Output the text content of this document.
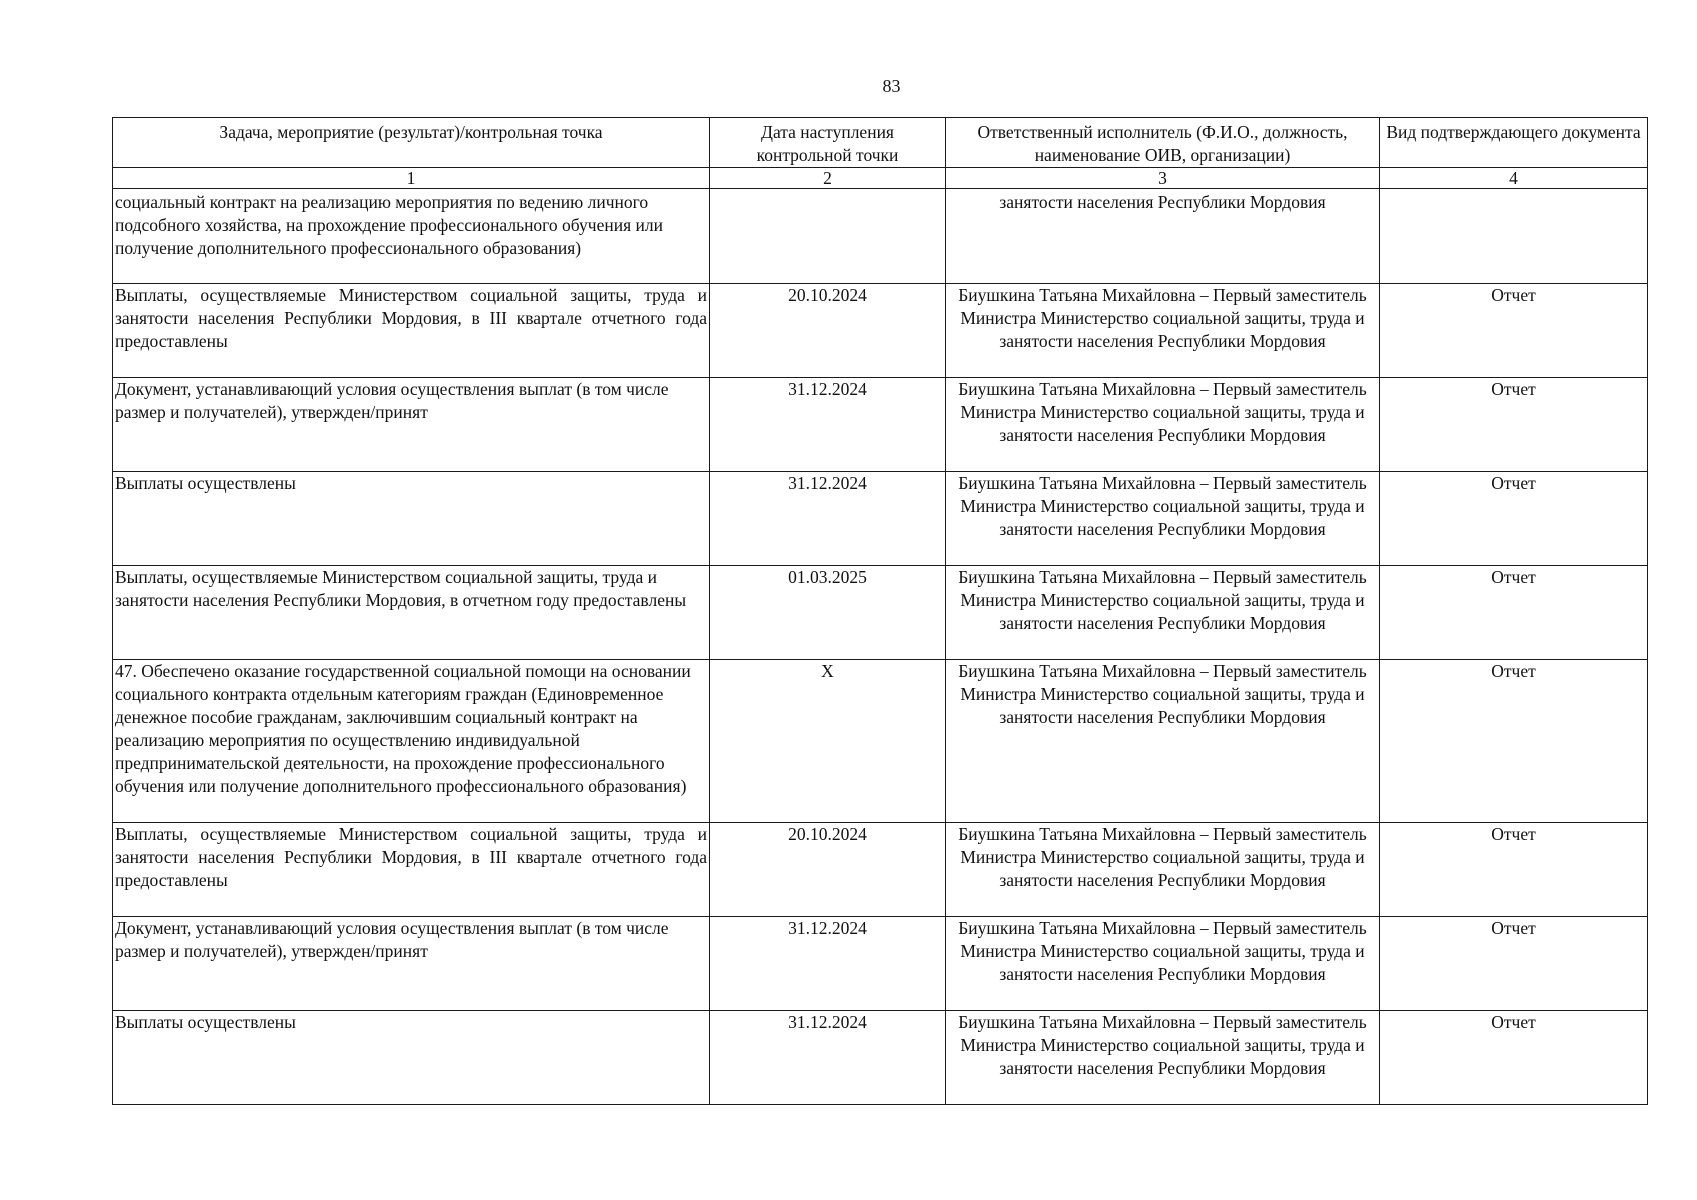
83
Задача, мероприятие (результат)/контрольная точка	Дата наступления контрольной точки	Ответственный исполнитель (Ф.И.О., должность, наименование ОИВ, организации)	Вид подтверждающего документа
1	2	3	4
социальный контракт на реализацию мероприятия по ведению личного подсобного хозяйства, на прохождение профессионального обучения или получение дополнительного профессионального образования)		занятости населения Республики Мордовия	
Выплаты, осуществляемые Министерством социальной защиты, труда и занятости населения Республики Мордовия, в III квартале отчетного года предоставлены	20.10.2024	Биушкина Татьяна Михайловна – Первый заместитель Министра Министерство социальной защиты, труда и занятости населения Республики Мордовия	Отчет
Документ, устанавливающий условия осуществления выплат (в том числе размер и получателей), утвержден/принят	31.12.2024	Биушкина Татьяна Михайловна – Первый заместитель Министра Министерство социальной защиты, труда и занятости населения Республики Мордовия	Отчет
Выплаты осуществлены	31.12.2024	Биушкина Татьяна Михайловна – Первый заместитель Министра Министерство социальной защиты, труда и занятости населения Республики Мордовия	Отчет
Выплаты, осуществляемые Министерством социальной защиты, труда и занятости населения Республики Мордовия, в отчетном году предоставлены	01.03.2025	Биушкина Татьяна Михайловна – Первый заместитель Министра Министерство социальной защиты, труда и занятости населения Республики Мордовия	Отчет
47. Обеспечено оказание государственной социальной помощи на основании социального контракта отдельным категориям граждан (Единовременное денежное пособие гражданам, заключившим социальный контракт на реализацию мероприятия по осуществлению индивидуальной предпринимательской деятельности, на прохождение профессионального обучения или получение дополнительного профессионального образования)	X	Биушкина Татьяна Михайловна – Первый заместитель Министра Министерство социальной защиты, труда и занятости населения Республики Мордовия	Отчет
Выплаты, осуществляемые Министерством социальной защиты, труда и занятости населения Республики Мордовия, в III квартале отчетного года предоставлены	20.10.2024	Биушкина Татьяна Михайловна – Первый заместитель Министра Министерство социальной защиты, труда и занятости населения Республики Мордовия	Отчет
Документ, устанавливающий условия осуществления выплат (в том числе размер и получателей), утвержден/принят	31.12.2024	Биушкина Татьяна Михайловна – Первый заместитель Министра Министерство социальной защиты, труда и занятости населения Республики Мордовия	Отчет
Выплаты осуществлены	31.12.2024	Биушкина Татьяна Михайловна – Первый заместитель Министра Министерство социальной защиты, труда и занятости населения Республики Мордовия	Отчет
